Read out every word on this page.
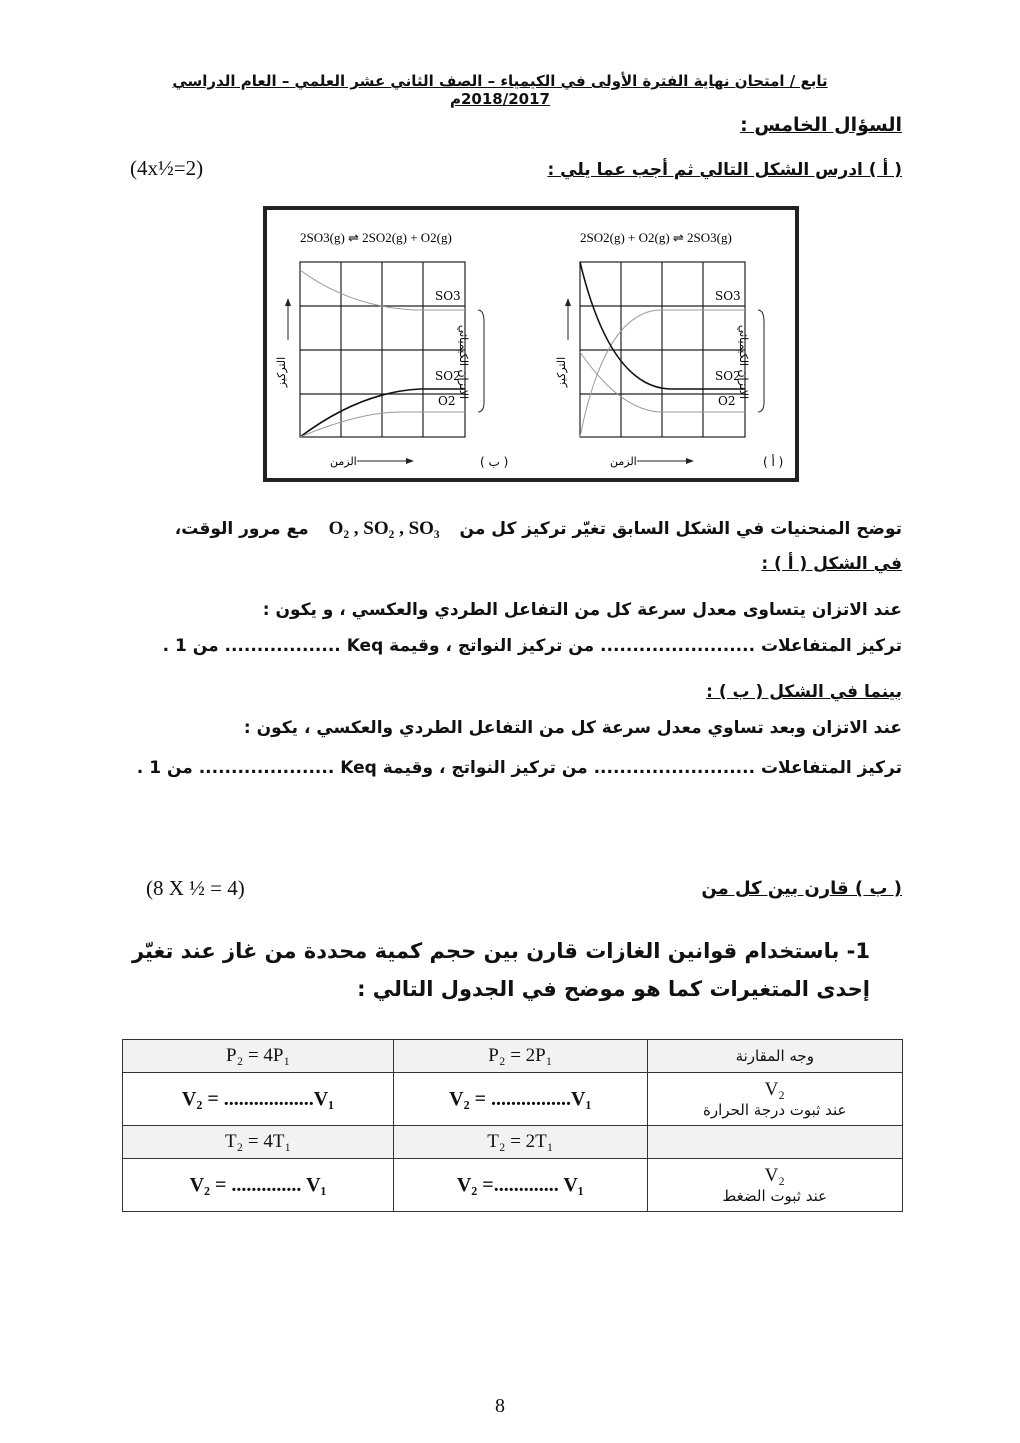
تابع / امتحان نهاية الفترة الأولى في الكيمياء – الصف الثاني عشر العلمي – العام الدراسي 2018/2017م
السؤال الخامس :
(4x½=2)	( أ ) ادرس الشكل التالي ثم أجب عما يلي :
2SO3(g) ⇌ 2SO2(g) + O2(g)
SO3
SO2
O2
الاتزان الكيميائي
التركيز
الزمن	( ب )
2SO2(g) + O2(g) ⇌ 2SO3(g)
SO3
SO2
O2
الاتزان الكيميائي
التركيز
الزمن	( أ )
توضح المنحنيات في الشكل السابق تغيّر تركيز كل من O₂ , SO₂ , SO₃ مع مرور الوقت،
في الشكل ( أ ) :
عند الاتزان يتساوى معدل سرعة كل من التفاعل الطردي والعكسي ، و يكون :
تركيز المتفاعلات ........................ من تركيز النواتج ، وقيمة Keq .................. من 1 .
بينما في الشكل ( ب ) :
عند الاتزان وبعد تساوي معدل سرعة كل من التفاعل الطردي والعكسي ، يكون :
تركيز المتفاعلات ......................... من تركيز النواتج ، وقيمة Keq ..................... من 1 .
(8 X ½ = 4)	( ب ) قارن بين كل من
1- باستخدام قوانين الغازات قارن بين حجم كمية محددة من غاز عند تغيّر إحدى المتغيرات كما هو موضح في الجدول التالي :
P₂ = 4P₁	P₂ = 2P₁	وجه المقارنة
V₂ = ..................V₁	V₂ = ................V₁	V₂
عند ثبوت درجة الحرارة

T₂ = 4T₁	T₂ = 2T₁	
V₂ = .............. V₁	V₂ =............. V₁	V₂
عند ثبوت الضغط
8
